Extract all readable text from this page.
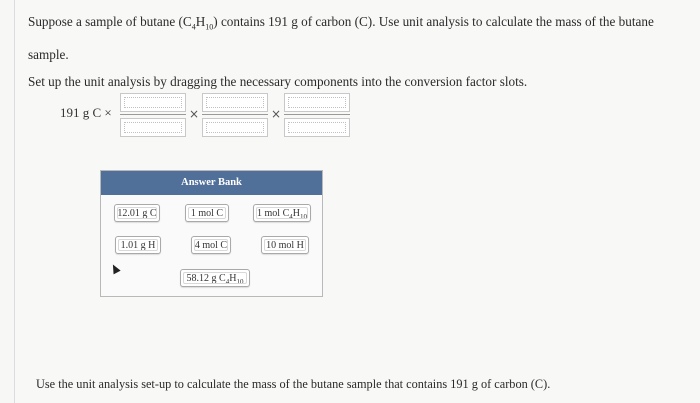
Suppose a sample of butane $(C_4H_{10})$ contains 191 g of carbon (C). Use unit analysis to calculate the mass of the butane sample.

Set up the unit analysis by dragging the necessary components into the conversion factor slots.

191 g C ×	×	×
Answer Bank
12.01 g C	1 mol C	1 mol $C_4H_{10}$
1.01 g H	4 mol C	10 mol H
58.12 g $C_4H_{10}$
Use the unit analysis set-up to calculate the mass of the butane sample that contains 191 g of carbon (C).
